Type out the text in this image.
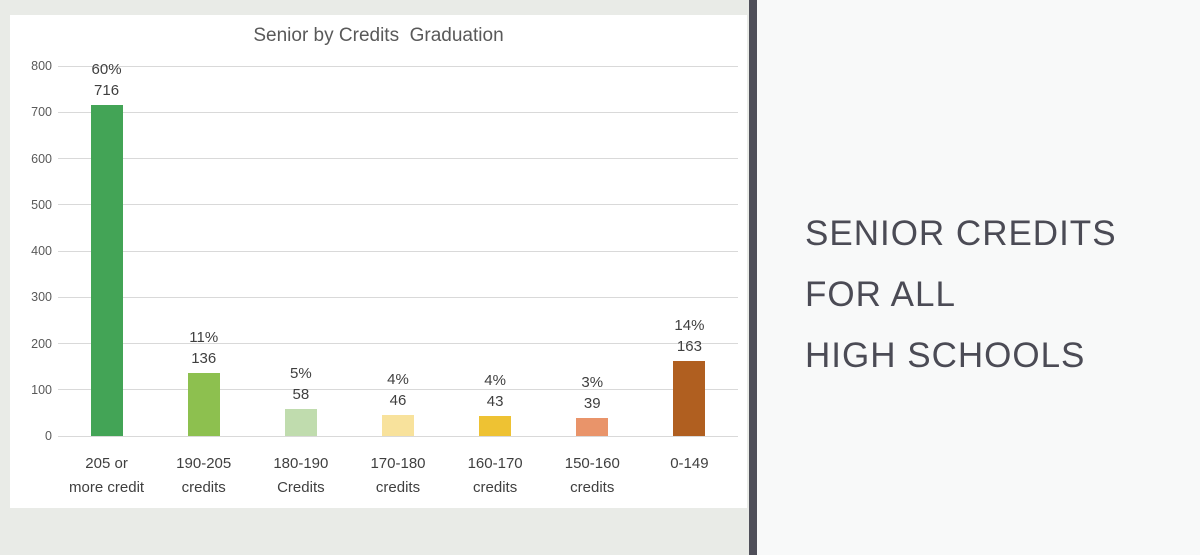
Senior by Credits  Graduation
0
100
200
300
400
500
600
700
800	60%
716
205 or
more credit
11%
136
190-205
credits
5%
58
180-190
Credits
4%
46
170-180
credits
4%
43
160-170
credits
3%
39
150-160
credits
14%
163
0-149
SENIOR CREDITS
FOR ALL
HIGH SCHOOLS
